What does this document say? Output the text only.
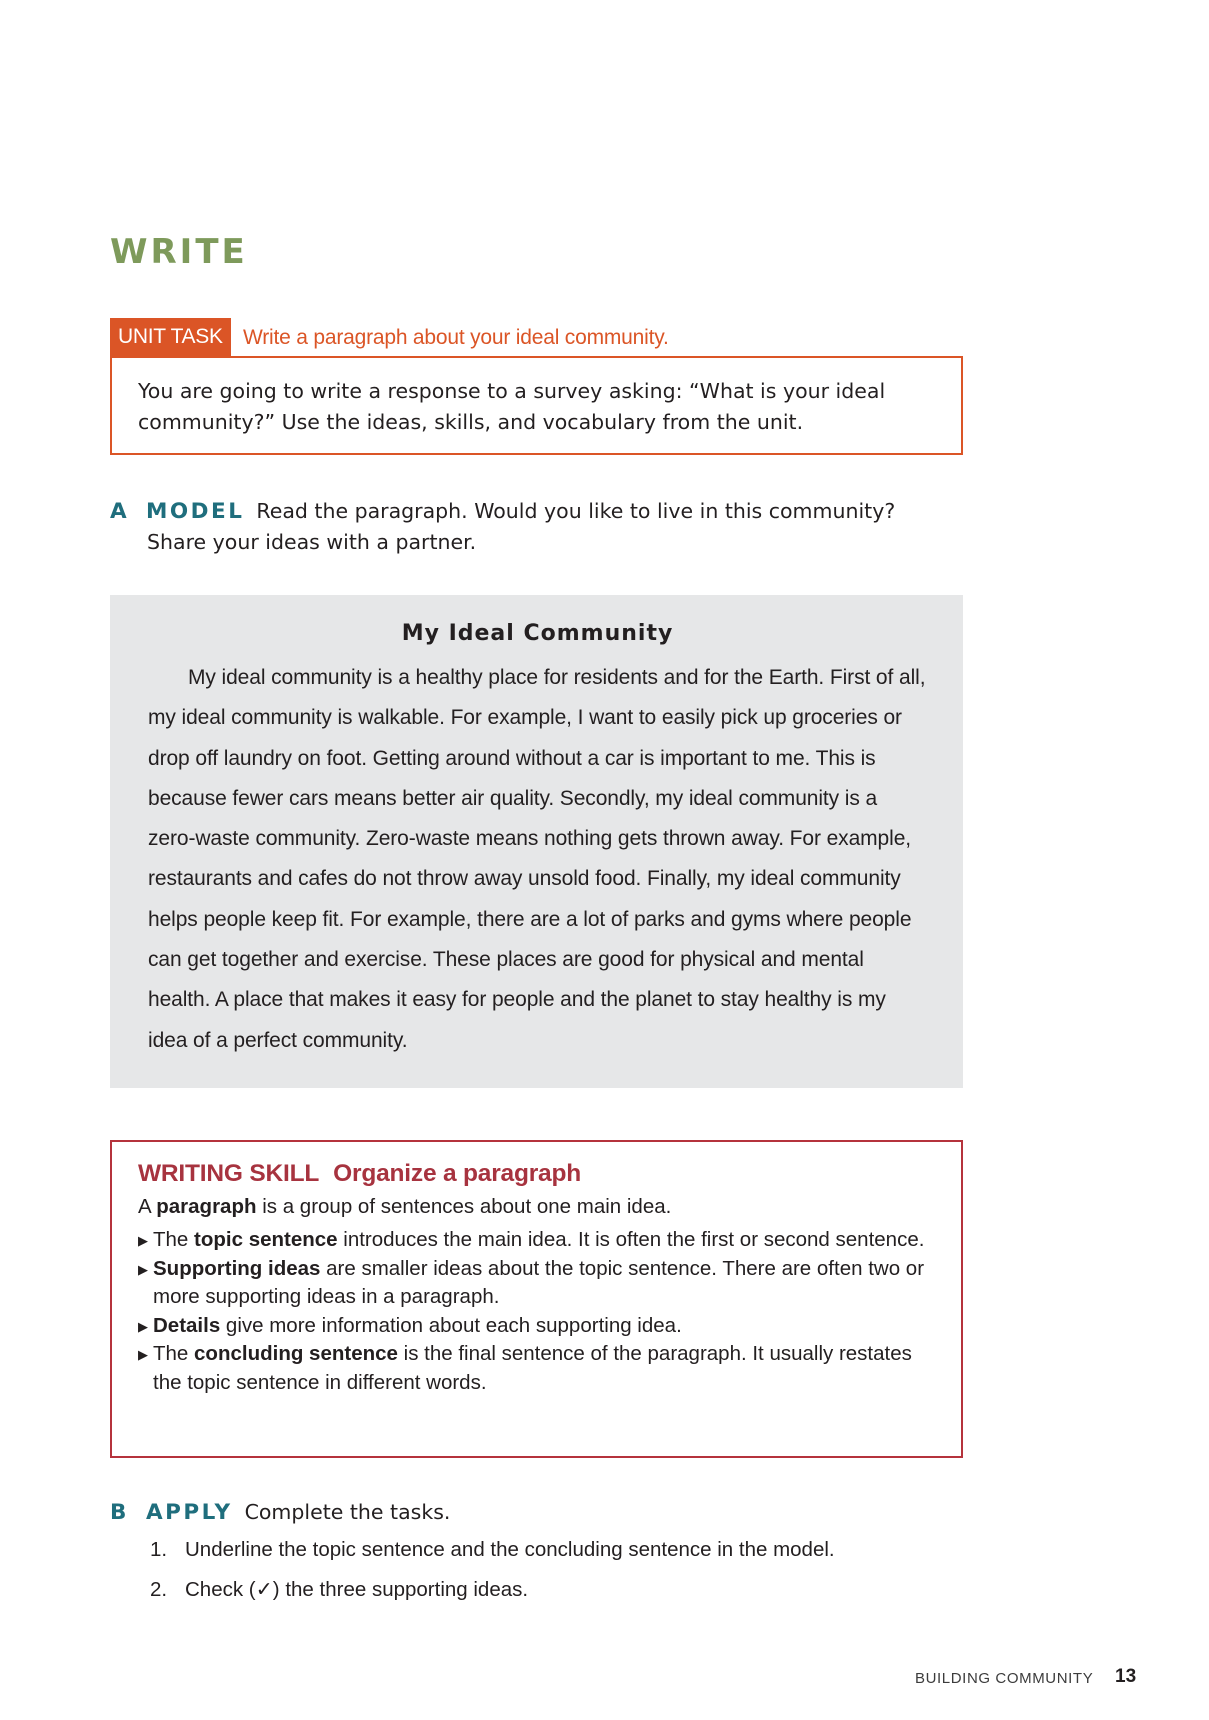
WRITE
UNIT TASK Write a paragraph about your ideal community.
You are going to write a response to a survey asking: “What is your ideal community?” Use the ideas, skills, and vocabulary from the unit.
A MODEL Read the paragraph. Would you like to live in this community?
Share your ideas with a partner.
My Ideal Community

My ideal community is a healthy place for residents and for the Earth. First of all, my ideal community is walkable. For example, I want to easily pick up groceries or drop off laundry on foot. Getting around without a car is important to me. This is because fewer cars means better air quality. Secondly, my ideal community is a zero-waste community. Zero-waste means nothing gets thrown away. For example, restaurants and cafes do not throw away unsold food. Finally, my ideal community helps people keep fit. For example, there are a lot of parks and gyms where people can get together and exercise. These places are good for physical and mental health. A place that makes it easy for people and the planet to stay healthy is my idea of a perfect community.

WRITING SKILL Organize a paragraph

A paragraph is a group of sentences about one main idea.

▶ The topic sentence introduces the main idea. It is often the first or second sentence.
▶ Supporting ideas are smaller ideas about the topic sentence. There are often two or more supporting ideas in a paragraph.
▶ Details give more information about each supporting idea.
▶ The concluding sentence is the final sentence of the paragraph. It usually restates the topic sentence in different words.
B APPLY Complete the tasks.
1. Underline the topic sentence and the concluding sentence in the model.
2. Check (✓) the three supporting ideas.
BUILDING COMMUNITY 13
